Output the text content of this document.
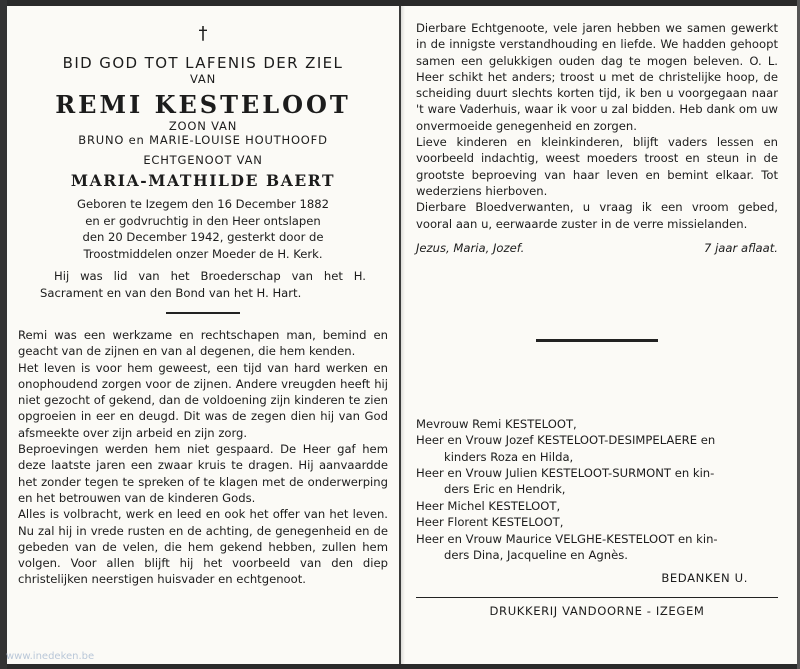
†
BID GOD TOT LAFENIS DER ZIEL
VAN
REMI KESTELOOT
ZOON VAN
BRUNO en MARIE-LOUISE HOUTHOOFD
ECHTGENOOT VAN
MARIA-MATHILDE BAERT
Geboren te Izegem den 16 December 1882
en er godvruchtig in den Heer ontslapen
den 20 December 1942, gesterkt door de
Troostmiddelen onzer Moeder de H. Kerk.
Hij was lid van het Broederschap van het H. Sacrament en van den Bond van het H. Hart.

Remi was een werkzame en rechtschapen man, bemind en geacht van de zijnen en van al degenen, die hem kenden.

Het leven is voor hem geweest, een tijd van hard werken en onophoudend zorgen voor de zijnen. Andere vreugden heeft hij niet gezocht of gekend, dan de voldoening zijn kinderen te zien opgroeien in eer en deugd. Dit was de zegen dien hij van God afsmeekte over zijn arbeid en zijn zorg.

Beproevingen werden hem niet gespaard. De Heer gaf hem deze laatste jaren een zwaar kruis te dragen. Hij aanvaardde het zonder tegen te spreken of te klagen met de onderwerping en het betrouwen van de kinderen Gods.

Alles is volbracht, werk en leed en ook het offer van het leven. Nu zal hij in vrede rusten en de achting, de genegenheid en de gebeden van de velen, die hem gekend hebben, zullen hem volgen. Voor allen blijft hij het voorbeeld van den diep christelijken neerstigen huisvader en echtgenoot.

Dierbare Echtgenoote, vele jaren hebben we samen gewerkt in de innigste verstandhouding en liefde. We hadden gehoopt samen een gelukkigen ouden dag te mogen beleven. O. L. Heer schikt het anders; troost u met de christelijke hoop, de scheiding duurt slechts korten tijd, ik ben u voorgegaan naar 't ware Vaderhuis, waar ik voor u zal bidden. Heb dank om uw onvermoeide genegenheid en zorgen.

Lieve kinderen en kleinkinderen, blijft vaders lessen en voorbeeld indachtig, weest moeders troost en steun in de grootste beproeving van haar leven en bemint elkaar. Tot wederziens hierboven.

Dierbare Bloedverwanten, u vraag ik een vroom gebed, vooral aan u, eerwaarde zuster in de verre missielanden.

Jezus, Maria, Jozef.	7 jaar aflaat.
Mevrouw Remi KESTELOOT,
Heer en Vrouw Jozef KESTELOOT-DESIMPELAERE en
kinders Roza en Hilda,
Heer en Vrouw Julien KESTELOOT-SURMONT en kin-
ders Eric en Hendrik,
Heer Michel KESTELOOT,
Heer Florent KESTELOOT,
Heer en Vrouw Maurice VELGHE-KESTELOOT en kin-
ders Dina, Jacqueline en Agnès.
BEDANKEN U.
DRUKKERIJ VANDOORNE - IZEGEM
www.inedeken.be
